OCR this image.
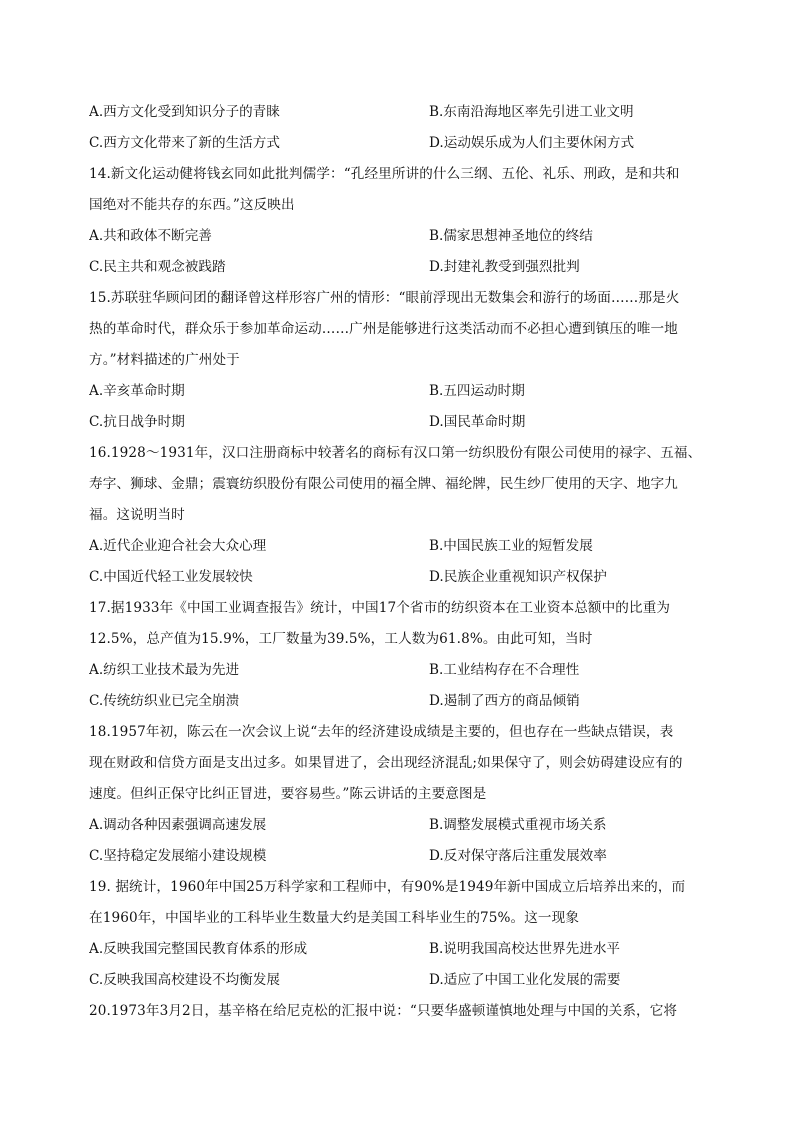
A.西方文化受到知识分子的青睐	B.东南沿海地区率先引进工业文明
C.西方文化带来了新的生活方式	D.运动娱乐成为人们主要休闲方式
14.新文化运动健将钱玄同如此批判儒学：“孔经里所讲的什么三纲、五伦、礼乐、刑政，是和共和
国绝对不能共存的东西。”这反映出
A.共和政体不断完善	B.儒家思想神圣地位的终结
C.民主共和观念被践踏	D.封建礼教受到强烈批判
15.苏联驻华顾问团的翻译曾这样形容广州的情形：“眼前浮现出无数集会和游行的场面……那是火
热的革命时代，群众乐于参加革命运动……广州是能够进行这类活动而不必担心遭到镇压的唯一地
方。”材料描述的广州处于
A.辛亥革命时期	B.五四运动时期
C.抗日战争时期	D.国民革命时期
16.1928～1931年，汉口注册商标中较著名的商标有汉口第一纺织股份有限公司使用的禄字、五福、
寿字、狮球、金鼎；震寰纺织股份有限公司使用的福全牌、福纶牌，民生纱厂使用的天字、地字九
福。这说明当时
A.近代企业迎合社会大众心理	B.中国民族工业的短暂发展
C.中国近代轻工业发展较快	D.民族企业重视知识产权保护
17.据1933年《中国工业调查报告》统计，中国17个省市的纺织资本在工业资本总额中的比重为
12.5%，总产值为15.9%，工厂数量为39.5%，工人数为61.8%。由此可知，当时
A.纺织工业技术最为先进	B.工业结构存在不合理性
C.传统纺织业已完全崩溃	D.遏制了西方的商品倾销
18.1957年初，陈云在一次会议上说“去年的经济建设成绩是主要的，但也存在一些缺点错误，表
现在财政和信贷方面是支出过多。如果冒进了，会出现经济混乱;如果保守了，则会妨碍建设应有的
速度。但纠正保守比纠正冒进，要容易些。”陈云讲话的主要意图是
A.调动各种因素强调高速发展	B.调整发展模式重视市场关系
C.坚持稳定发展缩小建设规模	D.反对保守落后注重发展效率
19. 据统计，1960年中国25万科学家和工程师中，有90%是1949年新中国成立后培养出来的，而
在1960年，中国毕业的工科毕业生数量大约是美国工科毕业生的75%。这一现象
A.反映我国完整国民教育体系的形成	B.说明我国高校达世界先进水平
C.反映我国高校建设不均衡发展	D.适应了中国工业化发展的需要
20.1973年3月2日，基辛格在给尼克松的汇报中说：“只要华盛顿谨慎地处理与中国的关系，它将
